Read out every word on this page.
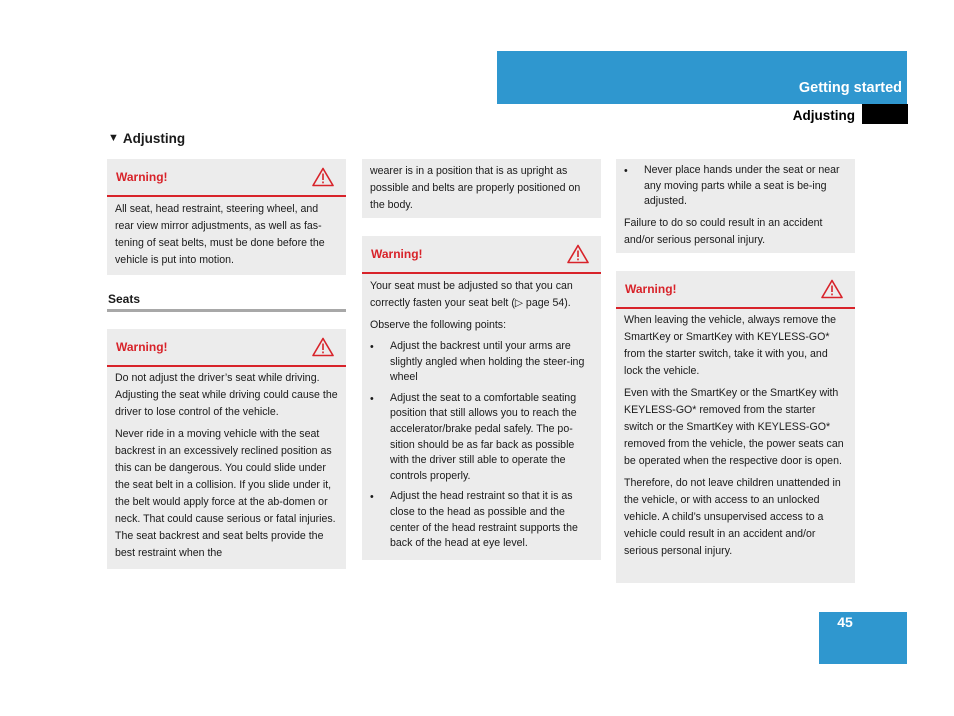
Getting started
Adjusting
▼ Adjusting
Warning!

All seat, head restraint, steering wheel, and rear view mirror adjustments, as well as fas-tening of seat belts, must be done before the vehicle is put into motion.

Seats
Warning!

Do not adjust the driver’s seat while driving. Adjusting the seat while driving could cause the driver to lose control of the vehicle.

Never ride in a moving vehicle with the seat backrest in an excessively reclined position as this can be dangerous. You could slide under the seat belt in a collision. If you slide under it, the belt would apply force at the ab-domen or neck. That could cause serious or fatal injuries. The seat backrest and seat belts provide the best restraint when the

wearer is in a position that is as upright as possible and belts are properly positioned on the body.

Warning!

Your seat must be adjusted so that you can correctly fasten your seat belt (▷ page 54).

Observe the following points:

•	Adjust the backrest until your arms are slightly angled when holding the steer-ing wheel
•	Adjust the seat to a comfortable seating position that still allows you to reach the accelerator/brake pedal safely. The po-sition should be as far back as possible with the driver still able to operate the controls properly.
•	Adjust the head restraint so that it is as close to the head as possible and the center of the head restraint supports the back of the head at eye level.
•	Never place hands under the seat or near any moving parts while a seat is be-ing adjusted.

Failure to do so could result in an accident and/or serious personal injury.

Warning!

When leaving the vehicle, always remove the SmartKey or SmartKey with KEYLESS-GO* from the starter switch, take it with you, and lock the vehicle.

Even with the SmartKey or the SmartKey with KEYLESS-GO* removed from the starter switch or the SmartKey with KEYLESS-GO* removed from the vehicle, the power seats can be operated when the respective door is open.

Therefore, do not leave children unattended in the vehicle, or with access to an unlocked vehicle. A child’s unsupervised access to a vehicle could result in an accident and/or serious personal injury.

45
